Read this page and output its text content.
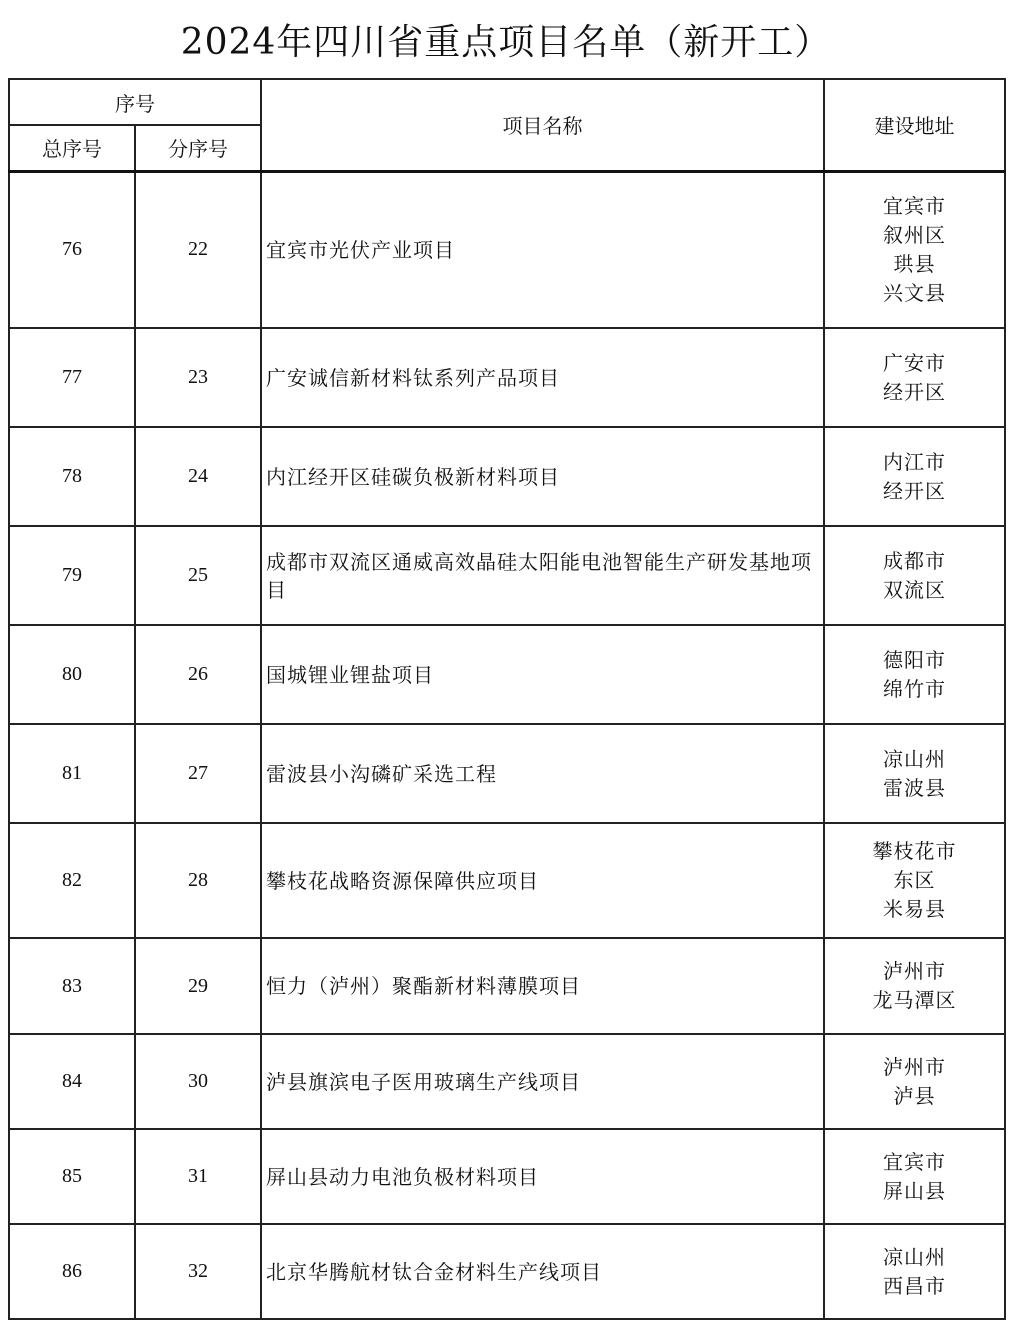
2024年四川省重点项目名单（新开工）
序号		项目名称	建设地址
总序号	分序号		
76	22	宜宾市光伏产业项目	宜宾市
叙州区
珙县
兴文县

77	23	广安诚信新材料钛系列产品项目	广安市
经开区

78	24	内江经开区硅碳负极新材料项目	内江市
经开区

79	25	成都市双流区通威高效晶硅太阳能电池智能生产研发基地项目	成都市
双流区

80	26	国城锂业锂盐项目	德阳市
绵竹市

81	27	雷波县小沟磷矿采选工程	凉山州
雷波县

82	28	攀枝花战略资源保障供应项目	攀枝花市
东区
米易县

83	29	恒力（泸州）聚酯新材料薄膜项目	泸州市
龙马潭区

84	30	泸县旗滨电子医用玻璃生产线项目	泸州市
泸县

85	31	屏山县动力电池负极材料项目	宜宾市
屏山县

86	32	北京华腾航材钛合金材料生产线项目	凉山州
西昌市
